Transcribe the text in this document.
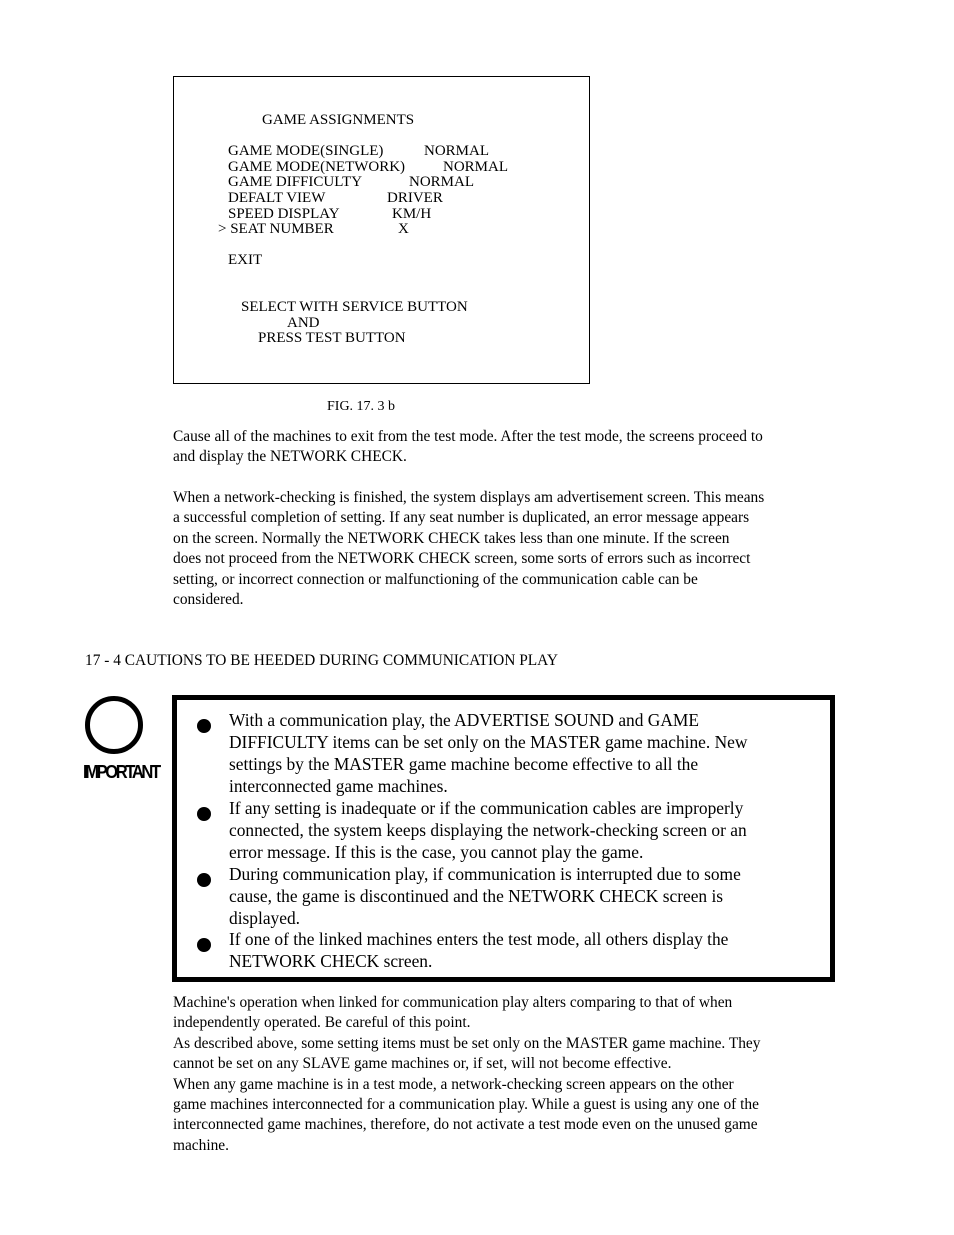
GAME ASSIGNMENTS
GAME MODE(SINGLE)	NORMAL
GAME MODE(NETWORK)	NORMAL
GAME DIFFICULTY	NORMAL
DEFALT VIEW	DRIVER
SPEED DISPLAY	KM/H
> SEAT NUMBER	X
EXIT
SELECT WITH SERVICE BUTTON
AND
PRESS TEST BUTTON
FIG. 17. 3 b
Cause all of the machines to exit from the test mode. After the test mode, the screens proceed to
and display the NETWORK CHECK.
When a network-checking is finished, the system displays am advertisement screen. This means
a successful completion of setting. If any seat number is duplicated, an error message appears
on the screen. Normally the NETWORK CHECK takes less than one minute. If the screen
does not proceed from the NETWORK CHECK screen, some sorts of errors such as incorrect
setting, or incorrect connection or malfunctioning of the communication cable can be
considered.
17 - 4 CAUTIONS TO BE HEEDED DURING COMMUNICATION PLAY
IMPORTANT
With a communication play, the ADVERTISE SOUND and GAME
DIFFICULTY items can be set only on the MASTER game machine. New
settings by the MASTER game machine become effective to all the
interconnected game machines.
If any setting is inadequate or if the communication cables are improperly
connected, the system keeps displaying the network-checking screen or an
error message. If this is the case, you cannot play the game.
During communication play, if communication is interrupted due to some
cause, the game is discontinued and the NETWORK CHECK screen is
displayed.
If one of the linked machines enters the test mode, all others display the
NETWORK CHECK screen.
Machine's operation when linked for communication play alters comparing to that of when
independently operated. Be careful of this point.
As described above, some setting items must be set only on the MASTER game machine. They
cannot be set on any SLAVE game machines or, if set, will not become effective.
When any game machine is in a test mode, a network-checking screen appears on the other
game machines interconnected for a communication play. While a guest is using any one of the
interconnected game machines, therefore, do not activate a test mode even on the unused game
machine.
